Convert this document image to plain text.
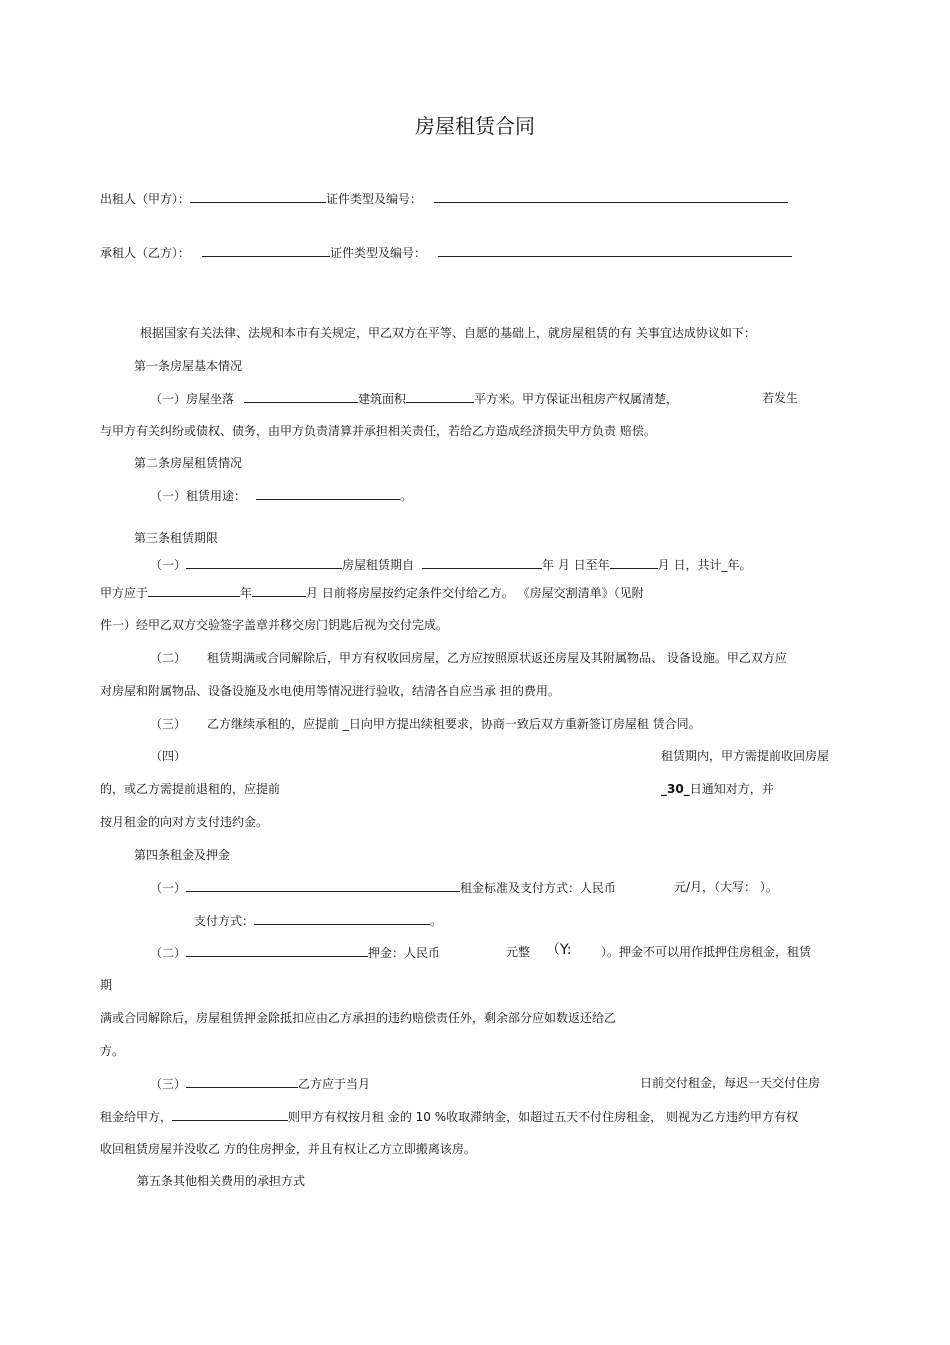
房屋租赁合同
出租人（甲方）：	证件类型及编号：
承租人（乙方）：	证件类型及编号：
根据国家有关法律、法规和本市有关规定，甲乙双方在平等、自愿的基础上，就房屋租赁的有 关事宜达成协议如下：
第一条房屋基本情况
（一）房屋坐落	建筑面积	平方米。甲方保证出租房产权属清楚，	若发生
与甲方有关纠纷或债权、债务，由甲方负责清算并承担相关责任，若给乙方造成经济损失甲方负责 赔偿。
第二条房屋租赁情况
（一）租赁用途：	。
第三条租赁期限
（一）	房屋租赁期自	年 月 日至年	月 日，共计_年。
甲方应于	年	月 日前将房屋按约定条件交付给乙方。 《房屋交割清单》（见附
件一）经甲乙双方交验签字盖章并移交房门钥匙后视为交付完成。
（二） 租赁期满或合同解除后，甲方有权收回房屋，乙方应按照原状返还房屋及其附属物品、 设备设施。甲乙双方应
对房屋和附属物品、设备设施及水电使用等情况进行验收，结清各自应当承 担的费用。
（三） 乙方继续承租的，应提前 _日向甲方提出续租要求，协商一致后双方重新签订房屋租 赁合同。
（四）	租赁期内，甲方需提前收回房屋
的，或乙方需提前退租的，应提前	_30_日通知对方，并
按月租金的向对方支付违约金。
第四条租金及押金
（一）	租金标准及支付方式：人民币	元/月，（大写： ）。
支付方式：	。
（二）	押金：人民币	元整 （Y: ）。押金不可以用作抵押住房租金，租赁
期
满或合同解除后，房屋租赁押金除抵扣应由乙方承担的违约赔偿责任外，剩余部分应如数返还给乙
方。
（三）	乙方应于当月	日前交付租金，每迟一天交付住房
租金给甲方，	则甲方有权按月租 金的 10 %收取滞纳金，如超过五天不付住房租金， 则视为乙方违约甲方有权
收回租赁房屋并没收乙 方的住房押金，并且有权让乙方立即搬离该房。
第五条其他相关费用的承担方式
